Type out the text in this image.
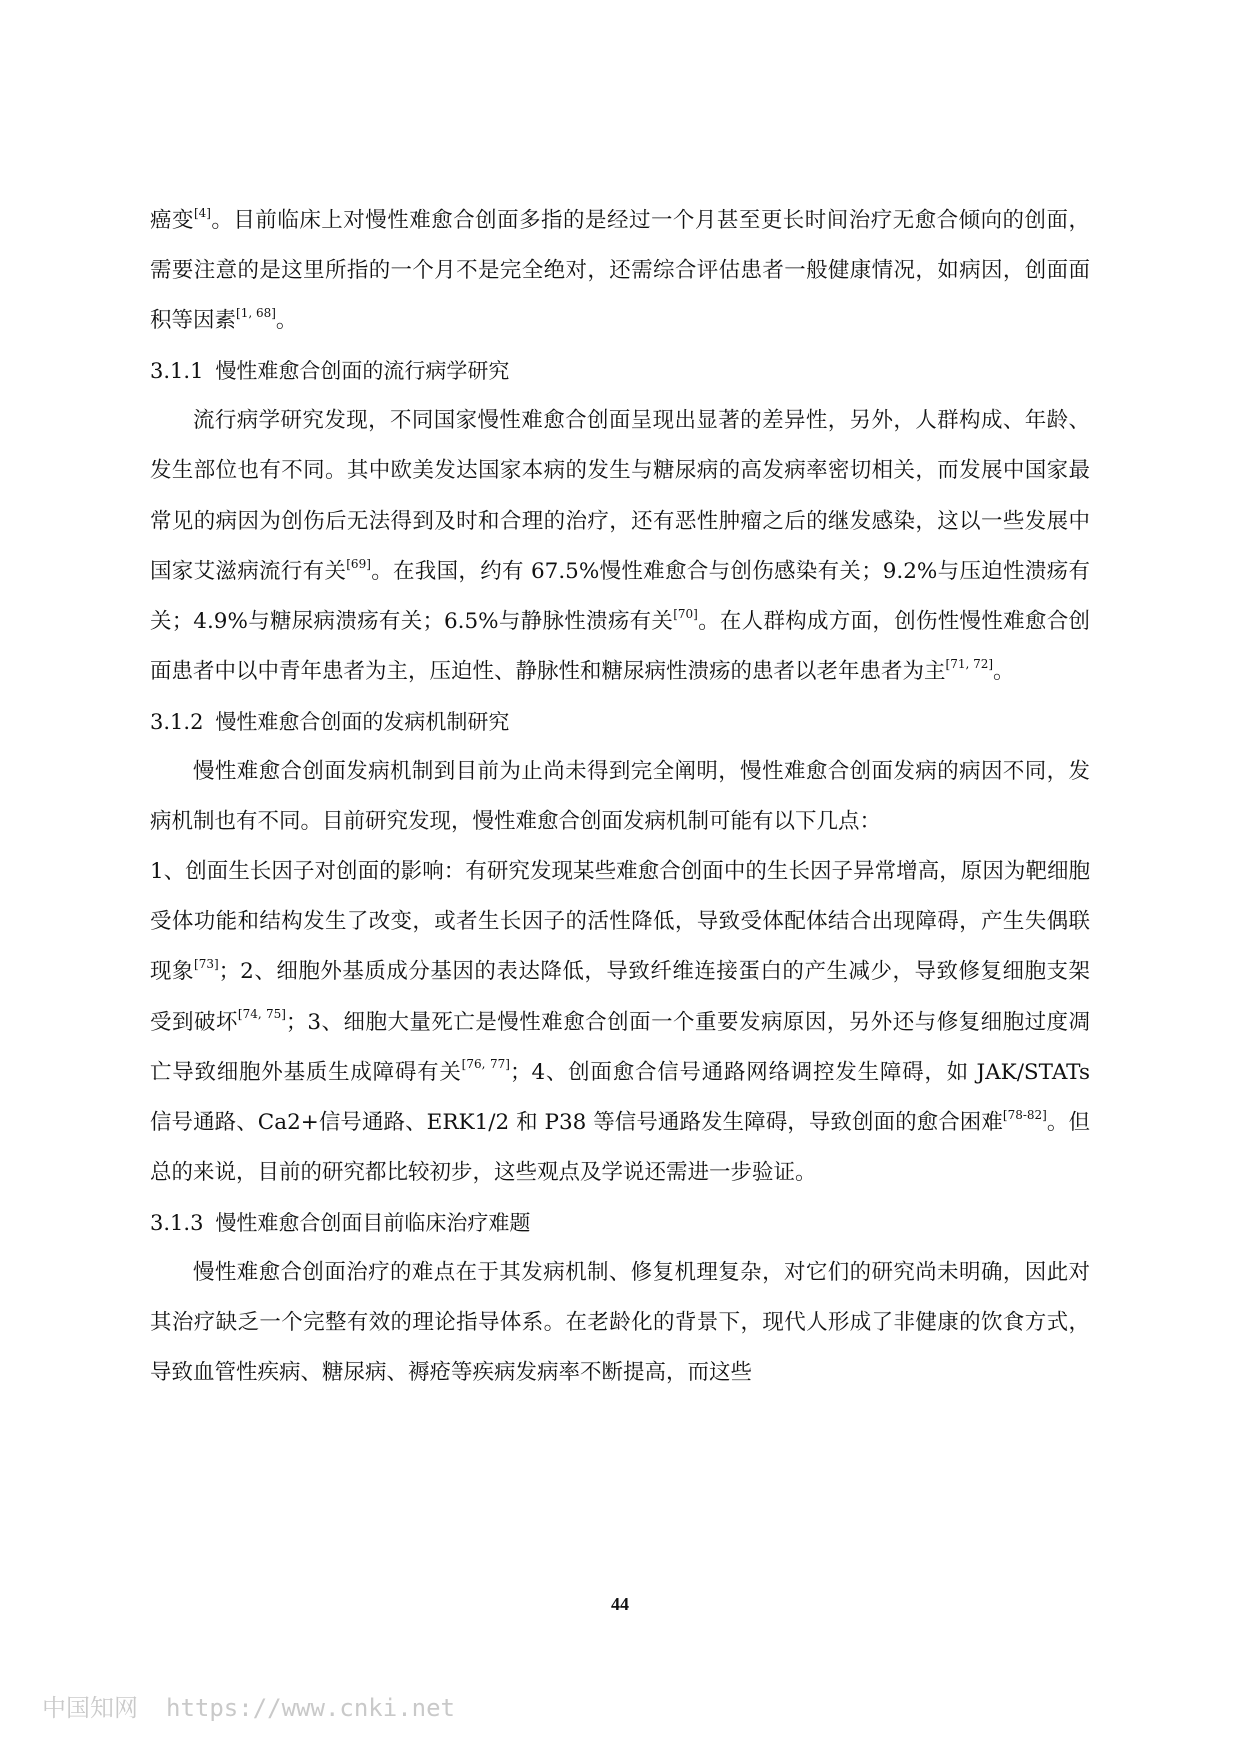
癌变[4]。目前临床上对慢性难愈合创面多指的是经过一个月甚至更长时间治疗无愈合倾向的创面，需要注意的是这里所指的一个月不是完全绝对，还需综合评估患者一般健康情况，如病因，创面面积等因素[1, 68]。

3.1.1 慢性难愈合创面的流行病学研究

流行病学研究发现，不同国家慢性难愈合创面呈现出显著的差异性，另外，人群构成、年龄、发生部位也有不同。其中欧美发达国家本病的发生与糖尿病的高发病率密切相关，而发展中国家最常见的病因为创伤后无法得到及时和合理的治疗，还有恶性肿瘤之后的继发感染，这以一些发展中国家艾滋病流行有关[69]。在我国，约有 67.5%慢性难愈合与创伤感染有关；9.2%与压迫性溃疡有关；4.9%与糖尿病溃疡有关；6.5%与静脉性溃疡有关[70]。在人群构成方面，创伤性慢性难愈合创面患者中以中青年患者为主，压迫性、静脉性和糖尿病性溃疡的患者以老年患者为主[71, 72]。

3.1.2 慢性难愈合创面的发病机制研究

慢性难愈合创面发病机制到目前为止尚未得到完全阐明，慢性难愈合创面发病的病因不同，发病机制也有不同。目前研究发现，慢性难愈合创面发病机制可能有以下几点：

1、创面生长因子对创面的影响：有研究发现某些难愈合创面中的生长因子异常增高，原因为靶细胞受体功能和结构发生了改变，或者生长因子的活性降低，导致受体配体结合出现障碍，产生失偶联现象[73]；2、细胞外基质成分基因的表达降低，导致纤维连接蛋白的产生减少，导致修复细胞支架受到破坏[74, 75]；3、细胞大量死亡是慢性难愈合创面一个重要发病原因，另外还与修复细胞过度凋亡导致细胞外基质生成障碍有关[76, 77]；4、创面愈合信号通路网络调控发生障碍，如 JAK/STATs 信号通路、Ca2+信号通路、ERK1/2 和 P38 等信号通路发生障碍，导致创面的愈合困难[78-82]。但总的来说，目前的研究都比较初步，这些观点及学说还需进一步验证。

3.1.3 慢性难愈合创面目前临床治疗难题

慢性难愈合创面治疗的难点在于其发病机制、修复机理复杂，对它们的研究尚未明确，因此对其治疗缺乏一个完整有效的理论指导体系。在老龄化的背景下，现代人形成了非健康的饮食方式，导致血管性疾病、糖尿病、褥疮等疾病发病率不断提高，而这些

44
中国知网 https://www.cnki.net
